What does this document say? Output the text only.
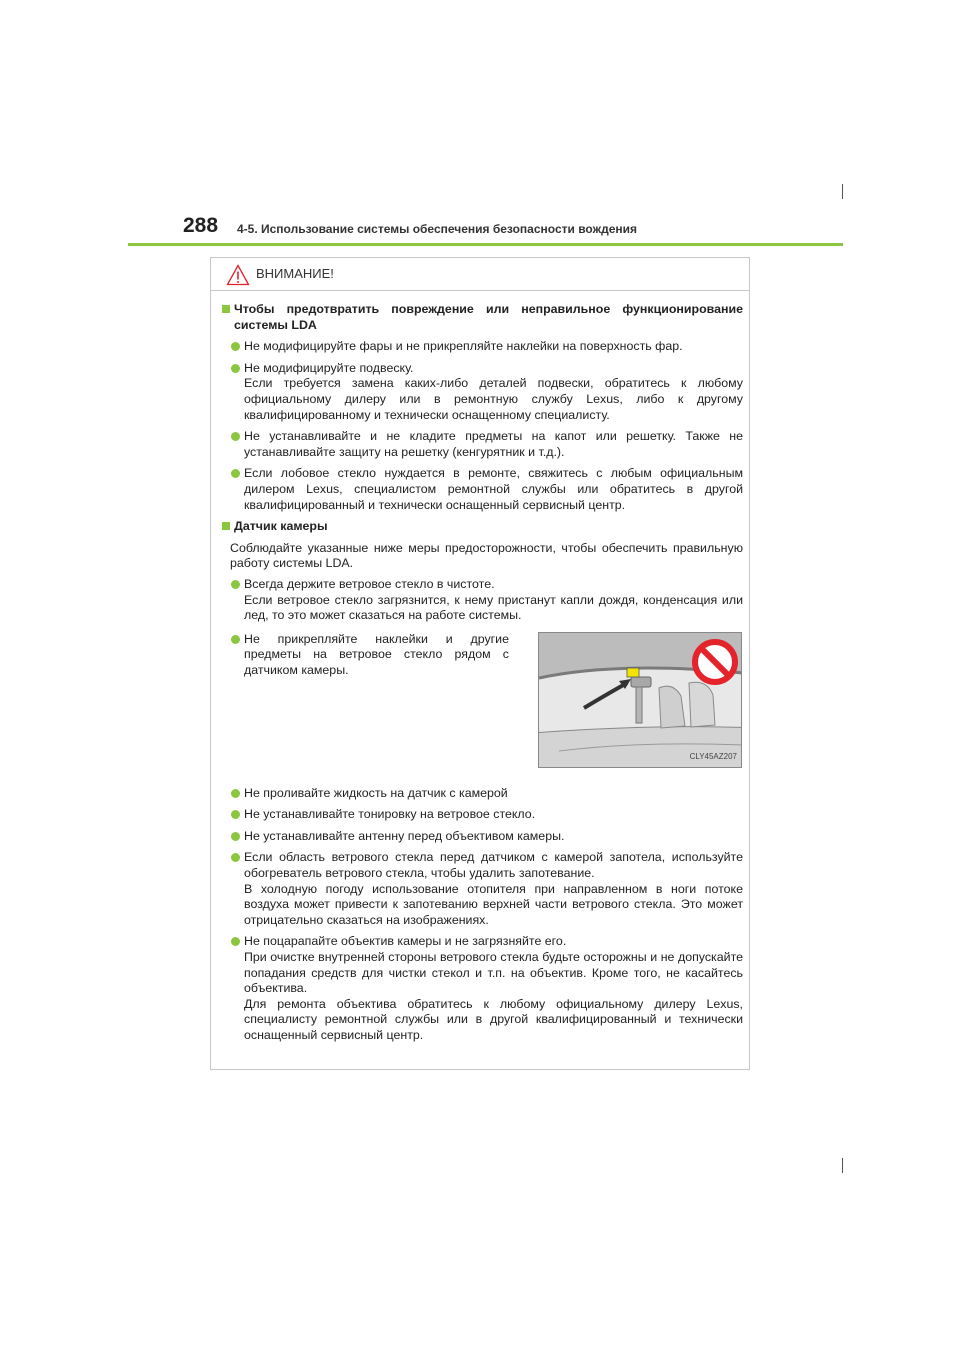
288 4-5. Использование системы обеспечения безопасности вождения
ВНИМАНИЕ!
Чтобы предотвратить повреждение или неправильное функционирование системы LDA
Не модифицируйте фары и не прикрепляйте наклейки на поверхность фар.
Не модифицируйте подвеску.
Если требуется замена каких-либо деталей подвески, обратитесь к любому официальному дилеру или в ремонтную службу Lexus, либо к другому квалифицированному и технически оснащенному специалисту.
Не устанавливайте и не кладите предметы на капот или решетку. Также не устанавливайте защиту на решетку (кенгурятник и т.д.).
Если лобовое стекло нуждается в ремонте, свяжитесь с любым официальным дилером Lexus, специалистом ремонтной службы или обратитесь в другой квалифицированный и технически оснащенный сервисный центр.
Датчик камеры
Соблюдайте указанные ниже меры предосторожности, чтобы обеспечить правильную работу системы LDA.
Всегда держите ветровое стекло в чистоте.
Если ветровое стекло загрязнится, к нему пристанут капли дождя, конденсация или лед, то это может сказаться на работе системы.
Не прикрепляйте наклейки и другие предметы на ветровое стекло рядом с датчиком камеры.
CLY45AZ207
Не проливайте жидкость на датчик с камерой
Не устанавливайте тонировку на ветровое стекло.
Не устанавливайте антенну перед объективом камеры.
Если область ветрового стекла перед датчиком с камерой запотела, используйте обогреватель ветрового стекла, чтобы удалить запотевание.
В холодную погоду использование отопителя при направленном в ноги потоке воздуха может привести к запотеванию верхней части ветрового стекла. Это может отрицательно сказаться на изображениях.
Не поцарапайте объектив камеры и не загрязняйте его.
При очистке внутренней стороны ветрового стекла будьте осторожны и не допускайте попадания средств для чистки стекол и т.п. на объектив. Кроме того, не касайтесь объектива.
Для ремонта объектива обратитесь к любому официальному дилеру Lexus, специалисту ремонтной службы или в другой квалифицированный и технически оснащенный сервисный центр.
